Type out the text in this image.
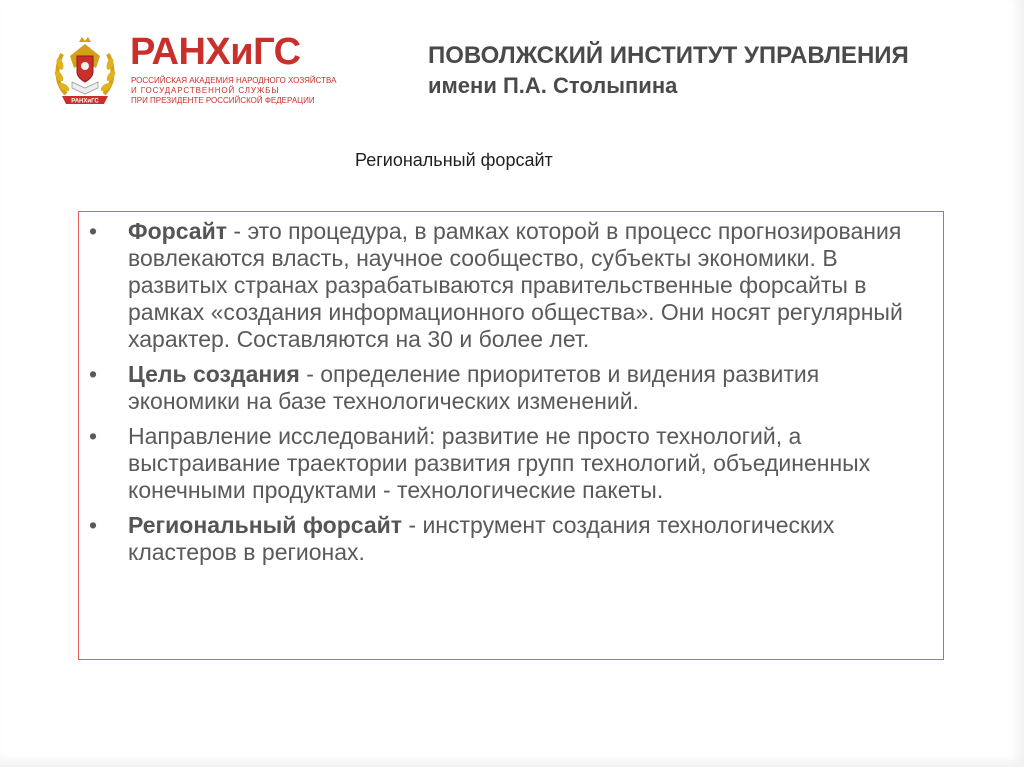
РАНХиГС
РАНХиГС
РОССИЙСКАЯ АКАДЕМИЯ НАРОДНОГО ХОЗЯЙСТВА
И ГОСУДАРСТВЕННОЙ СЛУЖБЫ
ПРИ ПРЕЗИДЕНТЕ РОССИЙСКОЙ ФЕДЕРАЦИИ
ПОВОЛЖСКИЙ ИНСТИТУТ УПРАВЛЕНИЯ
имени П.А. Столыпина
Региональный форсайт
•	Форсайт - это процедура, в рамках которой в процесс прогнозирования вовлекаются власть, научное сообщество, субъекты экономики. В развитых странах разрабатываются правительственные форсайты в рамках «создания информационного общества». Они носят регулярный характер. Составляются на 30 и более лет.
•	Цель создания - определение приоритетов и видения развития экономики на базе технологических изменений.
•	Направление исследований: развитие не просто технологий, а выстраивание траектории развития групп технологий, объединенных конечными продуктами - технологические пакеты.
•	Региональный форсайт - инструмент создания технологических кластеров в регионах.
